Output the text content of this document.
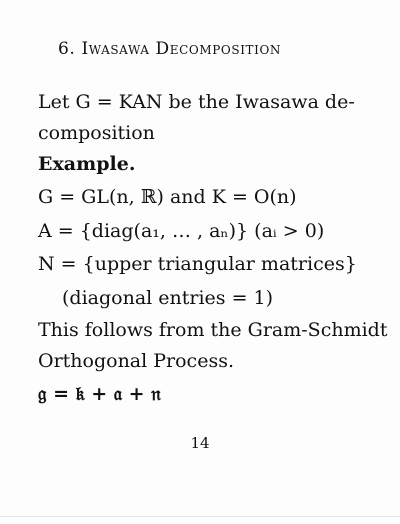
6. Iwasawa Decomposition
Let G = KAN be the Iwasawa de-
composition
Example.
G = GL(n, ℝ) and K = O(n)
A = {diag(a₁, … , aₙ)} (aᵢ > 0)
N = {upper triangular matrices}
(diagonal entries = 1)
This follows from the Gram-Schmidt
Orthogonal Process.
𝔤 = 𝔨 + 𝔞 + 𝔫
14
